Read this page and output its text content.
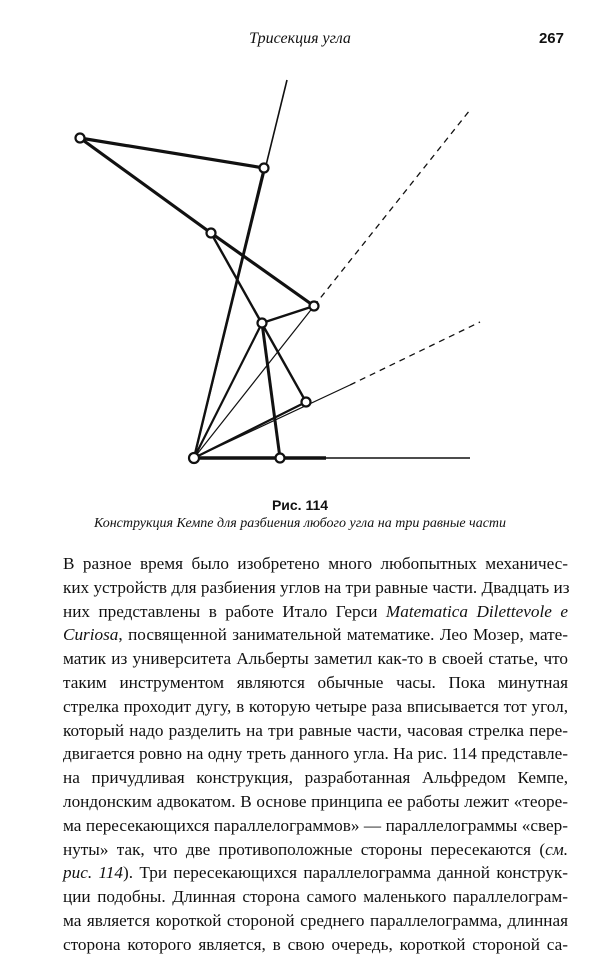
Трисекция угла	267
Рис. 114
Конструкция Кемпе для разбиения любого угла на три равные части
В разное время было изобретено много любопытных механичес-
ких устройств для разбиения углов на три равные части. Двадцать из
них представлены в работе Итало Герси Matematica Dilettevole e
Curiosa, посвященной занимательной математике. Лео Мозер, мате-
матик из университета Альберты заметил как-то в своей статье, что
таким инструментом являются обычные часы. Пока минутная
стрелка проходит дугу, в которую четыре раза вписывается тот угол,
который надо разделить на три равные части, часовая стрелка пере-
двигается ровно на одну треть данного угла. На рис. 114 представле-
на причудливая конструкция, разработанная Альфредом Кемпе,
лондонским адвокатом. В основе принципа ее работы лежит «теоре-
ма пересекающихся параллелограммов» — параллелограммы «свер-
нуты» так, что две противоположные стороны пересекаются (см.
рис. 114). Три пересекающихся параллелограмма данной конструк-
ции подобны. Длинная сторона самого маленького параллелограм-
ма является короткой стороной среднего параллелограмма, длинная
сторона которого является, в свою очередь, короткой стороной са-
